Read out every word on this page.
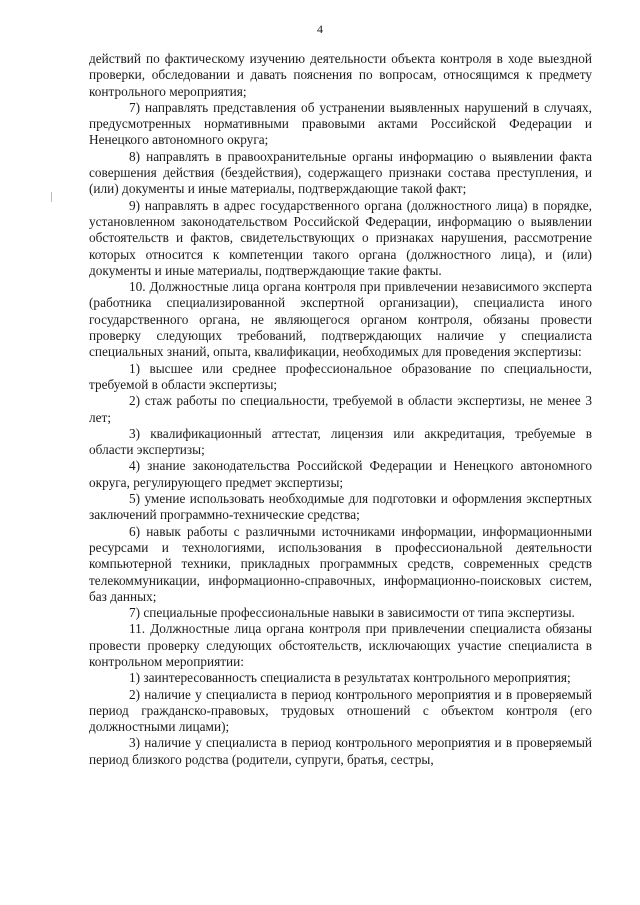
4

действий по фактическому изучению деятельности объекта контроля в ходе выездной проверки, обследовании и давать пояснения по вопросам, относящимся к предмету контрольного мероприятия;

7) направлять представления об устранении выявленных нарушений в случаях, предусмотренных нормативными правовыми актами Российской Федерации и Ненецкого автономного округа;

8) направлять в правоохранительные органы информацию о выявлении факта совершения действия (бездействия), содержащего признаки состава преступления, и (или) документы и иные материалы, подтверждающие такой факт;

9) направлять в адрес государственного органа (должностного лица) в порядке, установленном законодательством Российской Федерации, информацию о выявлении обстоятельств и фактов, свидетельствующих о признаках нарушения, рассмотрение которых относится к компетенции такого органа (должностного лица), и (или) документы и иные материалы, подтверждающие такие факты.

10. Должностные лица органа контроля при привлечении независимого эксперта (работника специализированной экспертной организации), специалиста иного государственного органа, не являющегося органом контроля, обязаны провести проверку следующих требований, подтверждающих наличие у специалиста специальных знаний, опыта, квалификации, необходимых для проведения экспертизы:

1) высшее или среднее профессиональное образование по специальности, требуемой в области экспертизы;

2) стаж работы по специальности, требуемой в области экспертизы, не менее 3 лет;

3) квалификационный аттестат, лицензия или аккредитация, требуемые в области экспертизы;

4) знание законодательства Российской Федерации и Ненецкого автономного округа, регулирующего предмет экспертизы;

5) умение использовать необходимые для подготовки и оформления экспертных заключений программно-технические средства;

6) навык работы с различными источниками информации, информационными ресурсами и технологиями, использования в профессиональной деятельности компьютерной техники, прикладных программных средств, современных средств телекоммуникации, информационно-справочных, информационно-поисковых систем, баз данных;

7) специальные профессиональные навыки в зависимости от типа экспертизы.

11. Должностные лица органа контроля при привлечении специалиста обязаны провести проверку следующих обстоятельств, исключающих участие специалиста в контрольном мероприятии:

1) заинтересованность специалиста в результатах контрольного мероприятия;

2) наличие у специалиста в период контрольного мероприятия и в проверяемый период гражданско-правовых, трудовых отношений с объектом контроля (его должностными лицами);

3) наличие у специалиста в период контрольного мероприятия и в проверяемый период близкого родства (родители, супруги, братья, сестры,
